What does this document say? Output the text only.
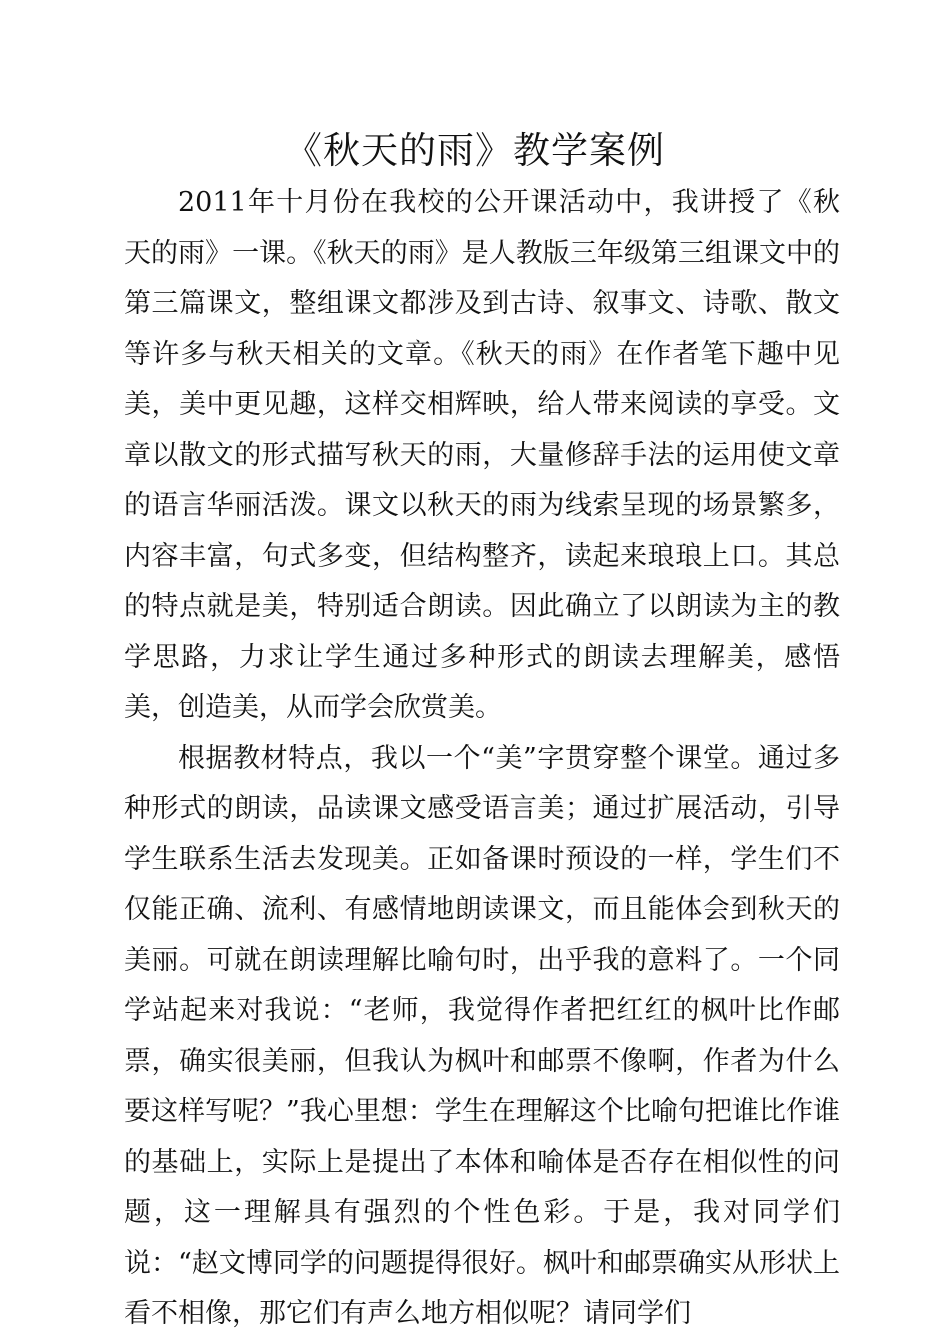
《秋天的雨》教学案例

2011年十月份在我校的公开课活动中，我讲授了《秋天的雨》一课。《秋天的雨》是人教版三年级第三组课文中的第三篇课文，整组课文都涉及到古诗、叙事文、诗歌、散文等许多与秋天相关的文章。《秋天的雨》在作者笔下趣中见美，美中更见趣，这样交相辉映，给人带来阅读的享受。文章以散文的形式描写秋天的雨，大量修辞手法的运用使文章的语言华丽活泼。课文以秋天的雨为线索呈现的场景繁多，内容丰富，句式多变，但结构整齐，读起来琅琅上口。其总的特点就是美，特别适合朗读。因此确立了以朗读为主的教学思路，力求让学生通过多种形式的朗读去理解美，感悟美，创造美，从而学会欣赏美。

根据教材特点，我以一个“美”字贯穿整个课堂。通过多种形式的朗读，品读课文感受语言美；通过扩展活动，引导学生联系生活去发现美。正如备课时预设的一样，学生们不仅能正确、流利、有感情地朗读课文，而且能体会到秋天的美丽。可就在朗读理解比喻句时，出乎我的意料了。一个同学站起来对我说：“老师，我觉得作者把红红的枫叶比作邮票，确实很美丽，但我认为枫叶和邮票不像啊，作者为什么要这样写呢？”我心里想：学生在理解这个比喻句把谁比作谁的基础上，实际上是提出了本体和喻体是否存在相似性的问题，这一理解具有强烈的个性色彩。于是，我对同学们说：“赵文博同学的问题提得很好。枫叶和邮票确实从形状上看不相像，那它们有声么地方相似呢？请同学们
